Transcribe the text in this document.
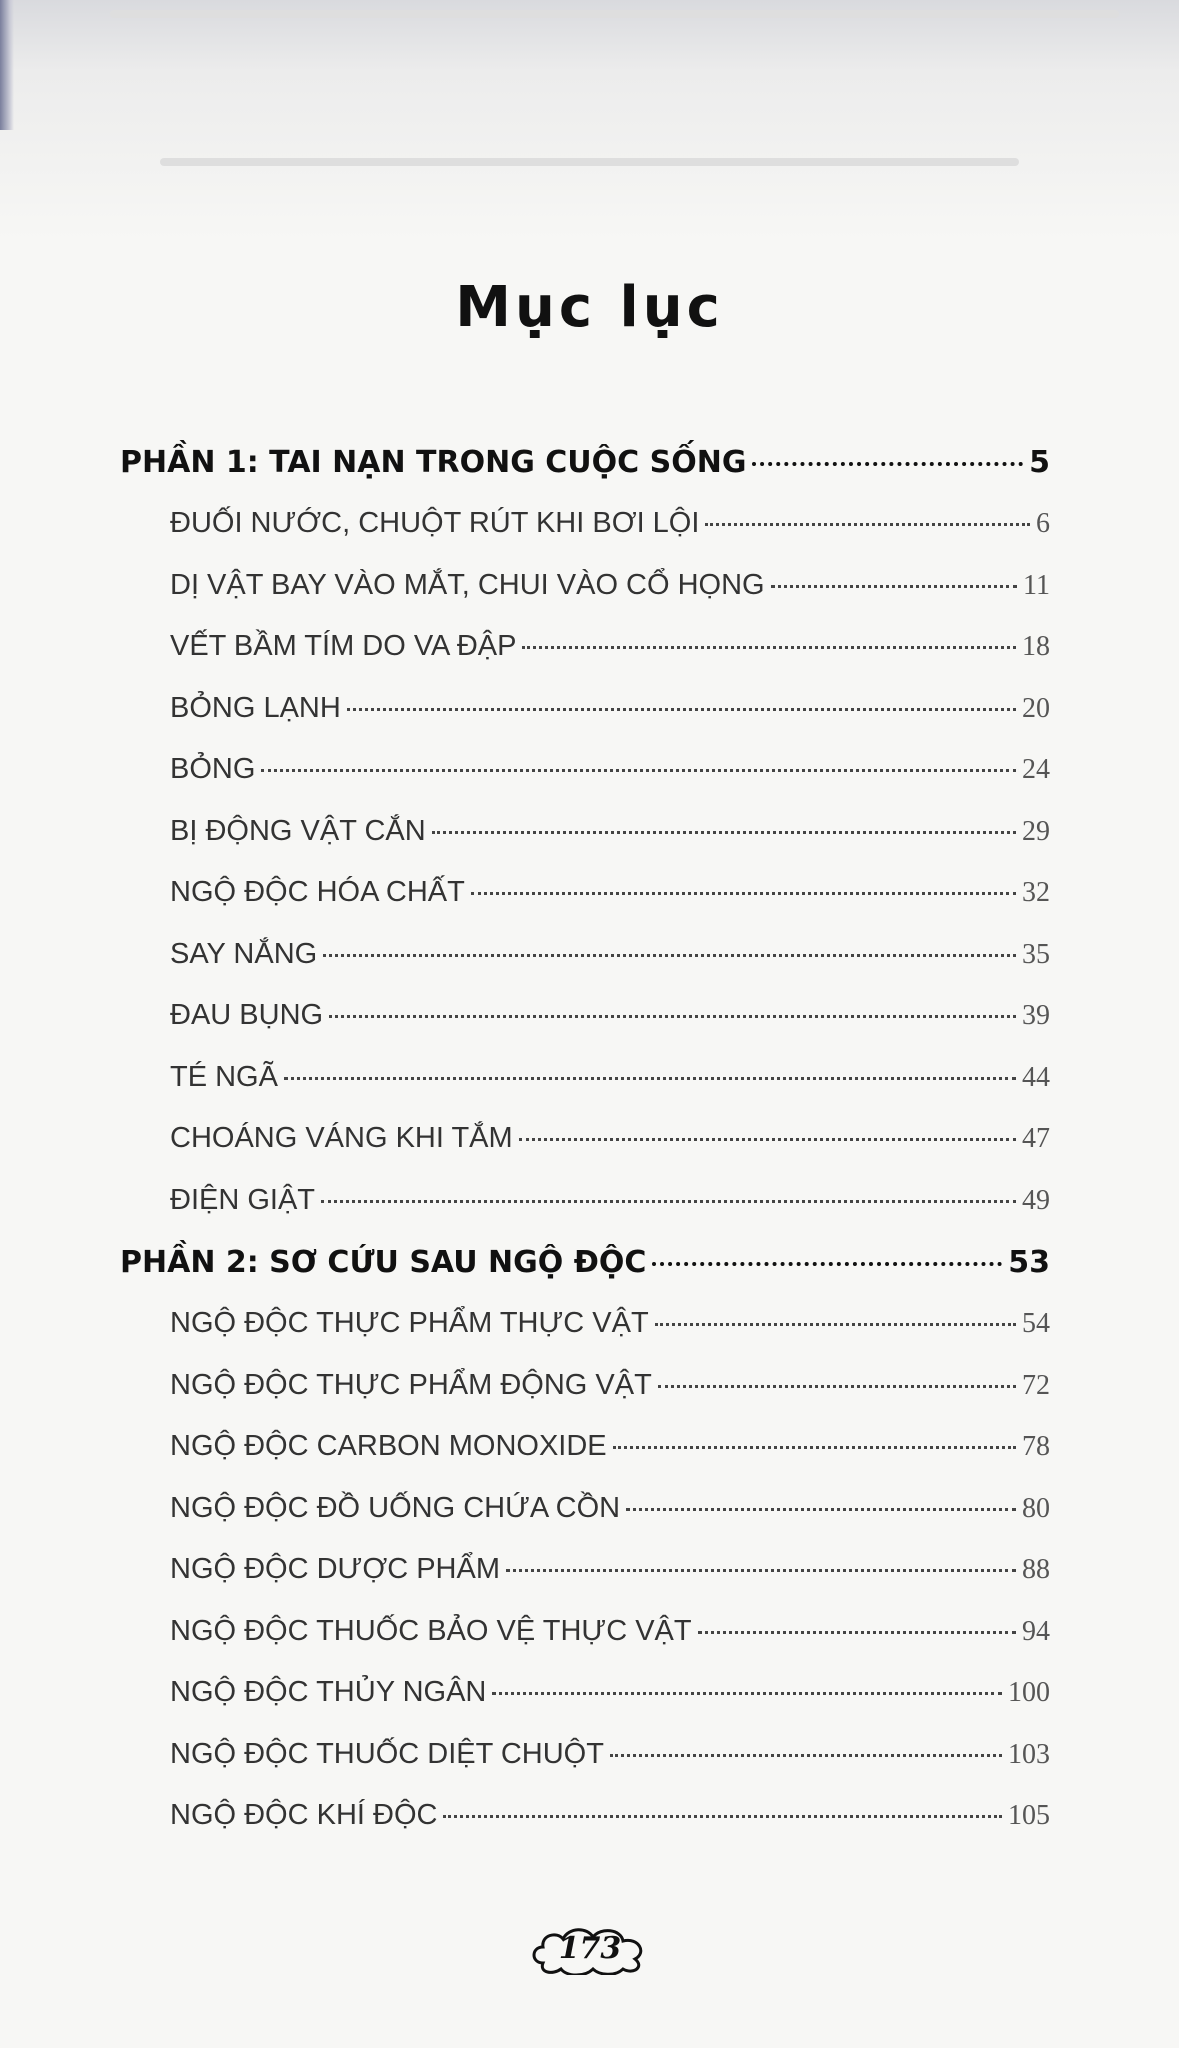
Mục lục
PHẦN 1: TAI NẠN TRONG CUỘC SỐNG	5
ĐUỐI NƯỚC, CHUỘT RÚT KHI BƠI LỘI	6
DỊ VẬT BAY VÀO MẮT, CHUI VÀO CỔ HỌNG	11
VẾT BẦM TÍM DO VA ĐẬP	18
BỎNG LẠNH	20
BỎNG	24
BỊ ĐỘNG VẬT CẮN	29
NGỘ ĐỘC HÓA CHẤT	32
SAY NẮNG	35
ĐAU BỤNG	39
TÉ NGÃ	44
CHOÁNG VÁNG KHI TẮM	47
ĐIỆN GIẬT	49
PHẦN 2: SƠ CỨU SAU NGỘ ĐỘC	53
NGỘ ĐỘC THỰC PHẨM THỰC VẬT	54
NGỘ ĐỘC THỰC PHẨM ĐỘNG VẬT	72
NGỘ ĐỘC CARBON MONOXIDE	78
NGỘ ĐỘC ĐỒ UỐNG CHỨA CỒN	80
NGỘ ĐỘC DƯỢC PHẨM	88
NGỘ ĐỘC THUỐC BẢO VỆ THỰC VẬT	94
NGỘ ĐỘC THỦY NGÂN	100
NGỘ ĐỘC THUỐC DIỆT CHUỘT	103
NGỘ ĐỘC KHÍ ĐỘC	105
173
